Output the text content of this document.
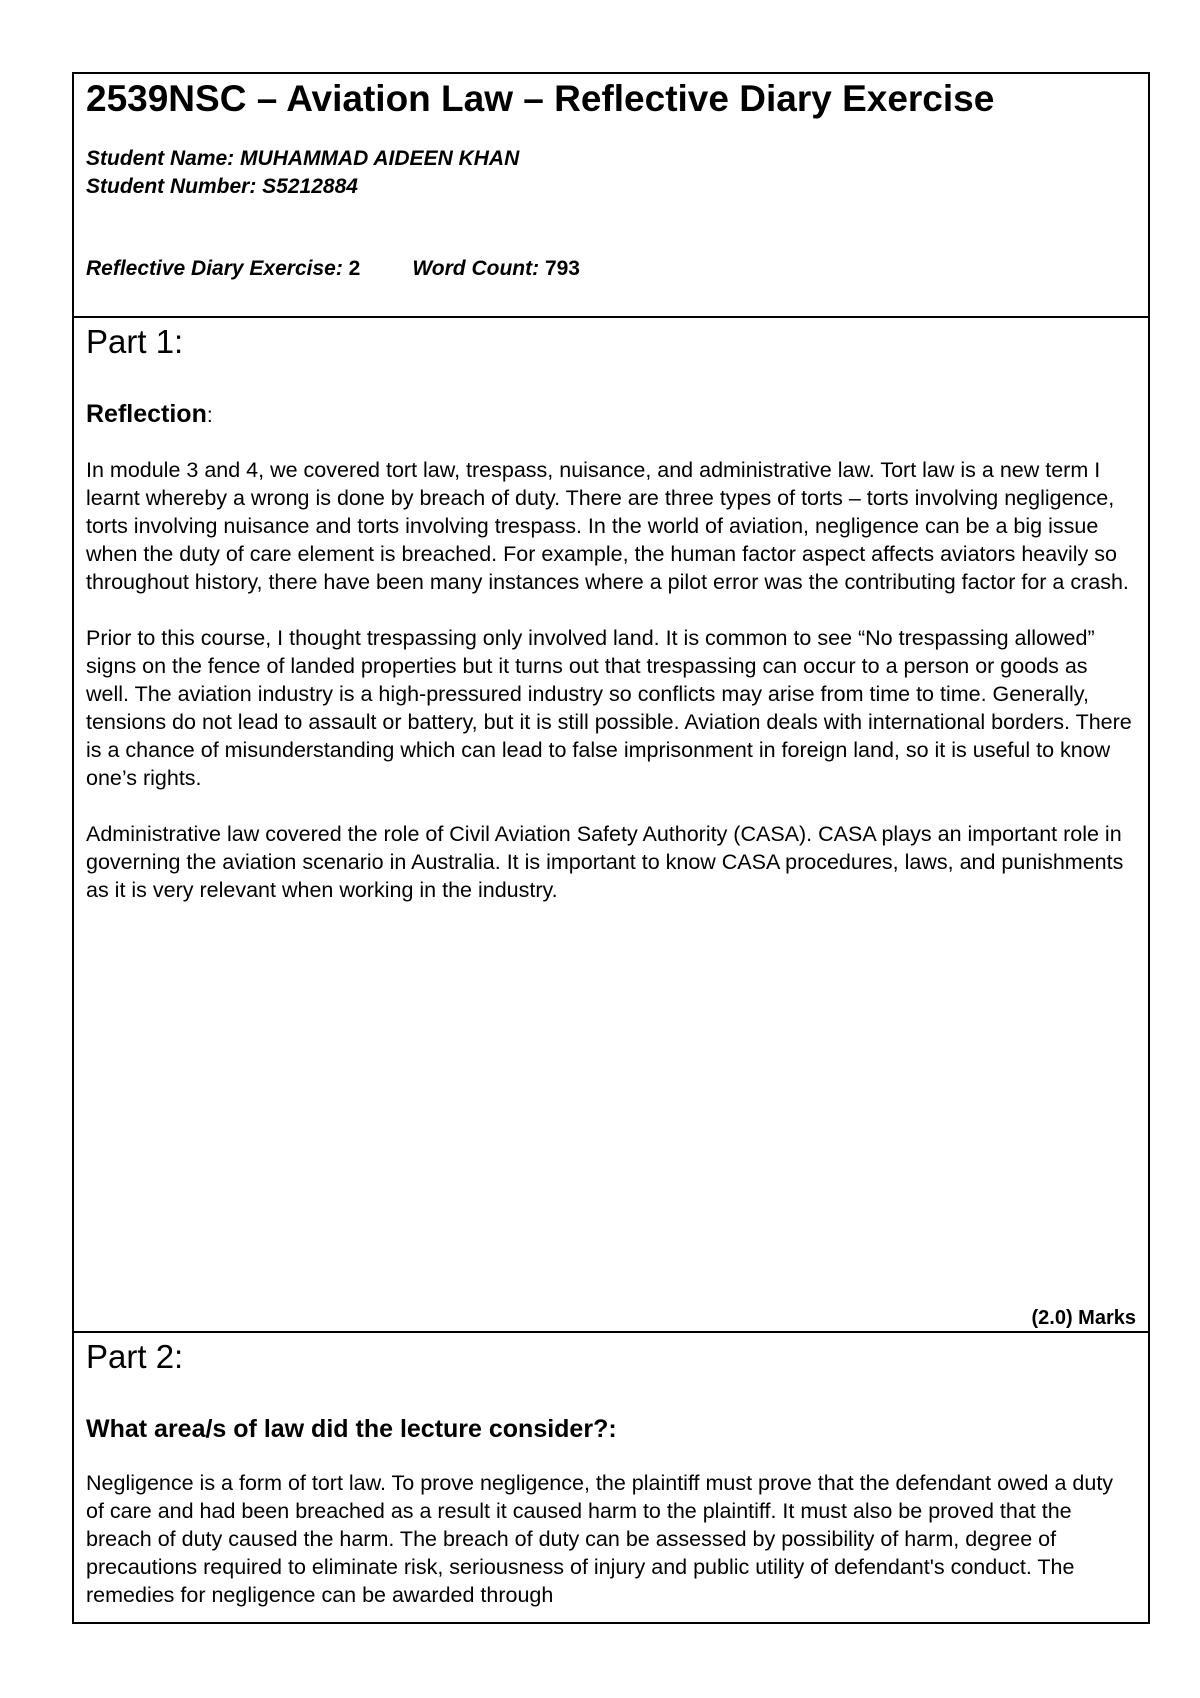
2539NSC – Aviation Law – Reflective Diary Exercise
Student Name: MUHAMMAD AIDEEN KHAN
Student Number: S5212884
Reflective Diary Exercise:
2 Word Count:
793
Part 1:
Reflection:

In module 3 and 4, we covered tort law, trespass, nuisance, and administrative law. Tort law is a new term I learnt whereby a wrong is done by breach of duty. There are three types of torts – torts involving negligence, torts involving nuisance and torts involving trespass. In the world of aviation, negligence can be a big issue when the duty of care element is breached. For example, the human factor aspect affects aviators heavily so throughout history, there have been many instances where a pilot error was the contributing factor for a crash.

Prior to this course, I thought trespassing only involved land. It is common to see “No trespassing allowed” signs on the fence of landed properties but it turns out that trespassing can occur to a person or goods as well. The aviation industry is a high-pressured industry so conflicts may arise from time to time. Generally, tensions do not lead to assault or battery, but it is still possible. Aviation deals with international borders. There is a chance of misunderstanding which can lead to false imprisonment in foreign land, so it is useful to know one’s rights.

Administrative law covered the role of Civil Aviation Safety Authority (CASA). CASA plays an important role in governing the aviation scenario in Australia. It is important to know CASA procedures, laws, and punishments as it is very relevant when working in the industry.

(2.0) Marks
Part 2:
What area/s of law did the lecture consider?:

Negligence is a form of tort law. To prove negligence, the plaintiff must prove that the defendant owed a duty of care and had been breached as a result it caused harm to the plaintiff. It must also be proved that the breach of duty caused the harm. The breach of duty can be assessed by possibility of harm, degree of precautions required to eliminate risk, seriousness of injury and public utility of defendant's conduct. The remedies for negligence can be awarded through
